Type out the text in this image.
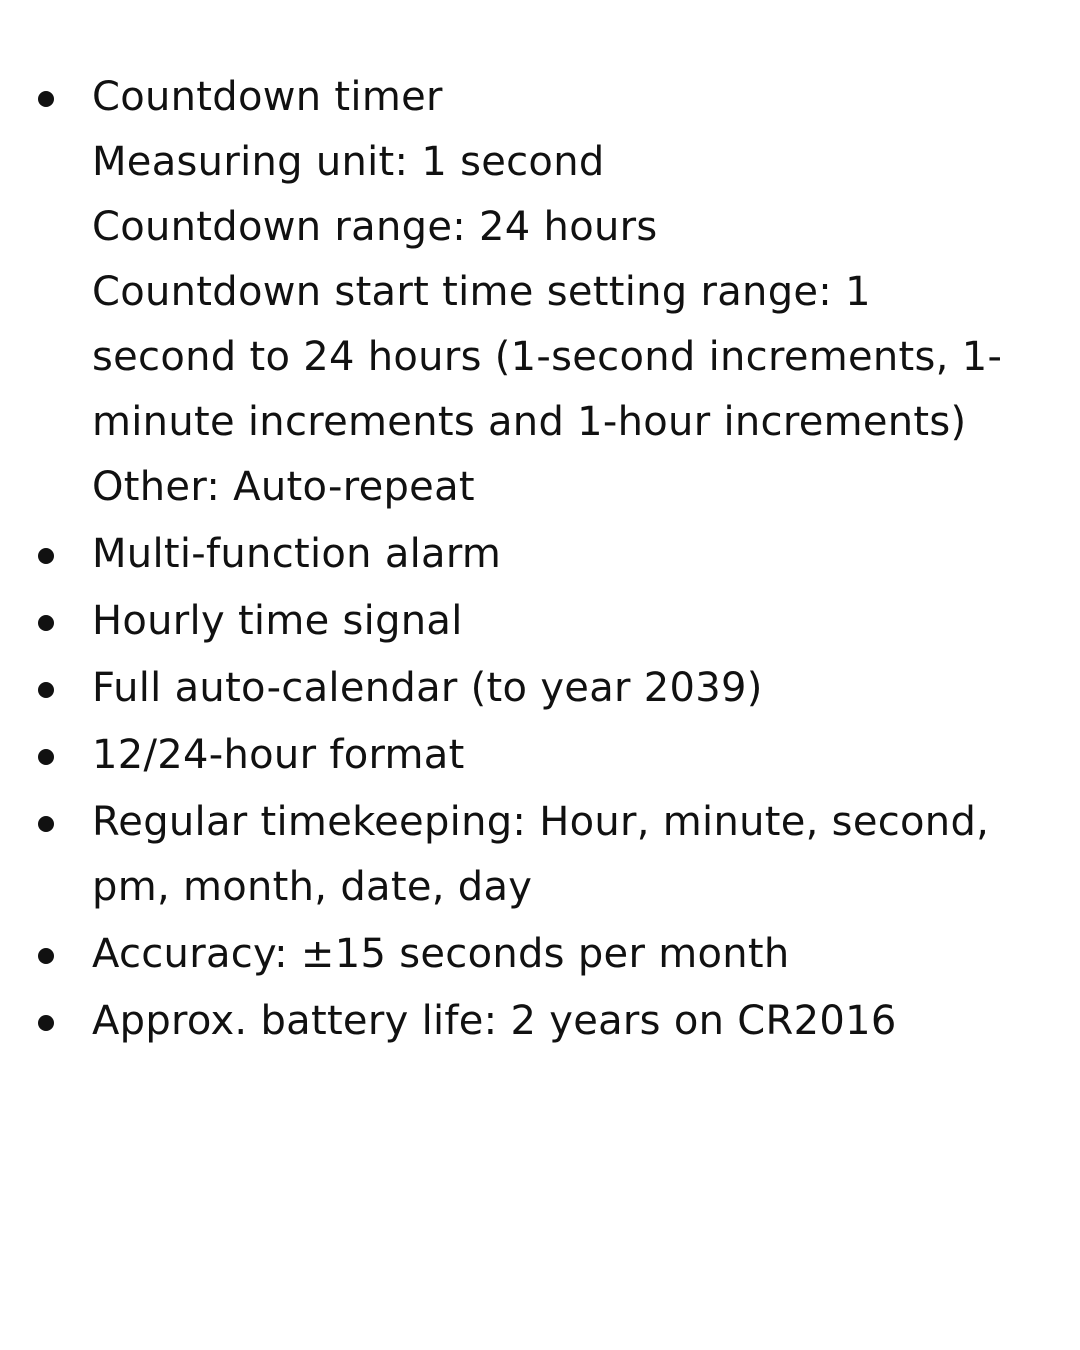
Countdown timer
Measuring unit: 1 second
Countdown range: 24 hours
Countdown start time setting range: 1
second to 24 hours (1-second increments, 1-
minute increments and 1-hour increments)
Other: Auto-repeat
Multi-function alarm
Hourly time signal
Full auto-calendar (to year 2039)
12/24-hour format
Regular timekeeping: Hour, minute, second,
pm, month, date, day
Accuracy: ±15 seconds per month
Approx. battery life: 2 years on CR2016
